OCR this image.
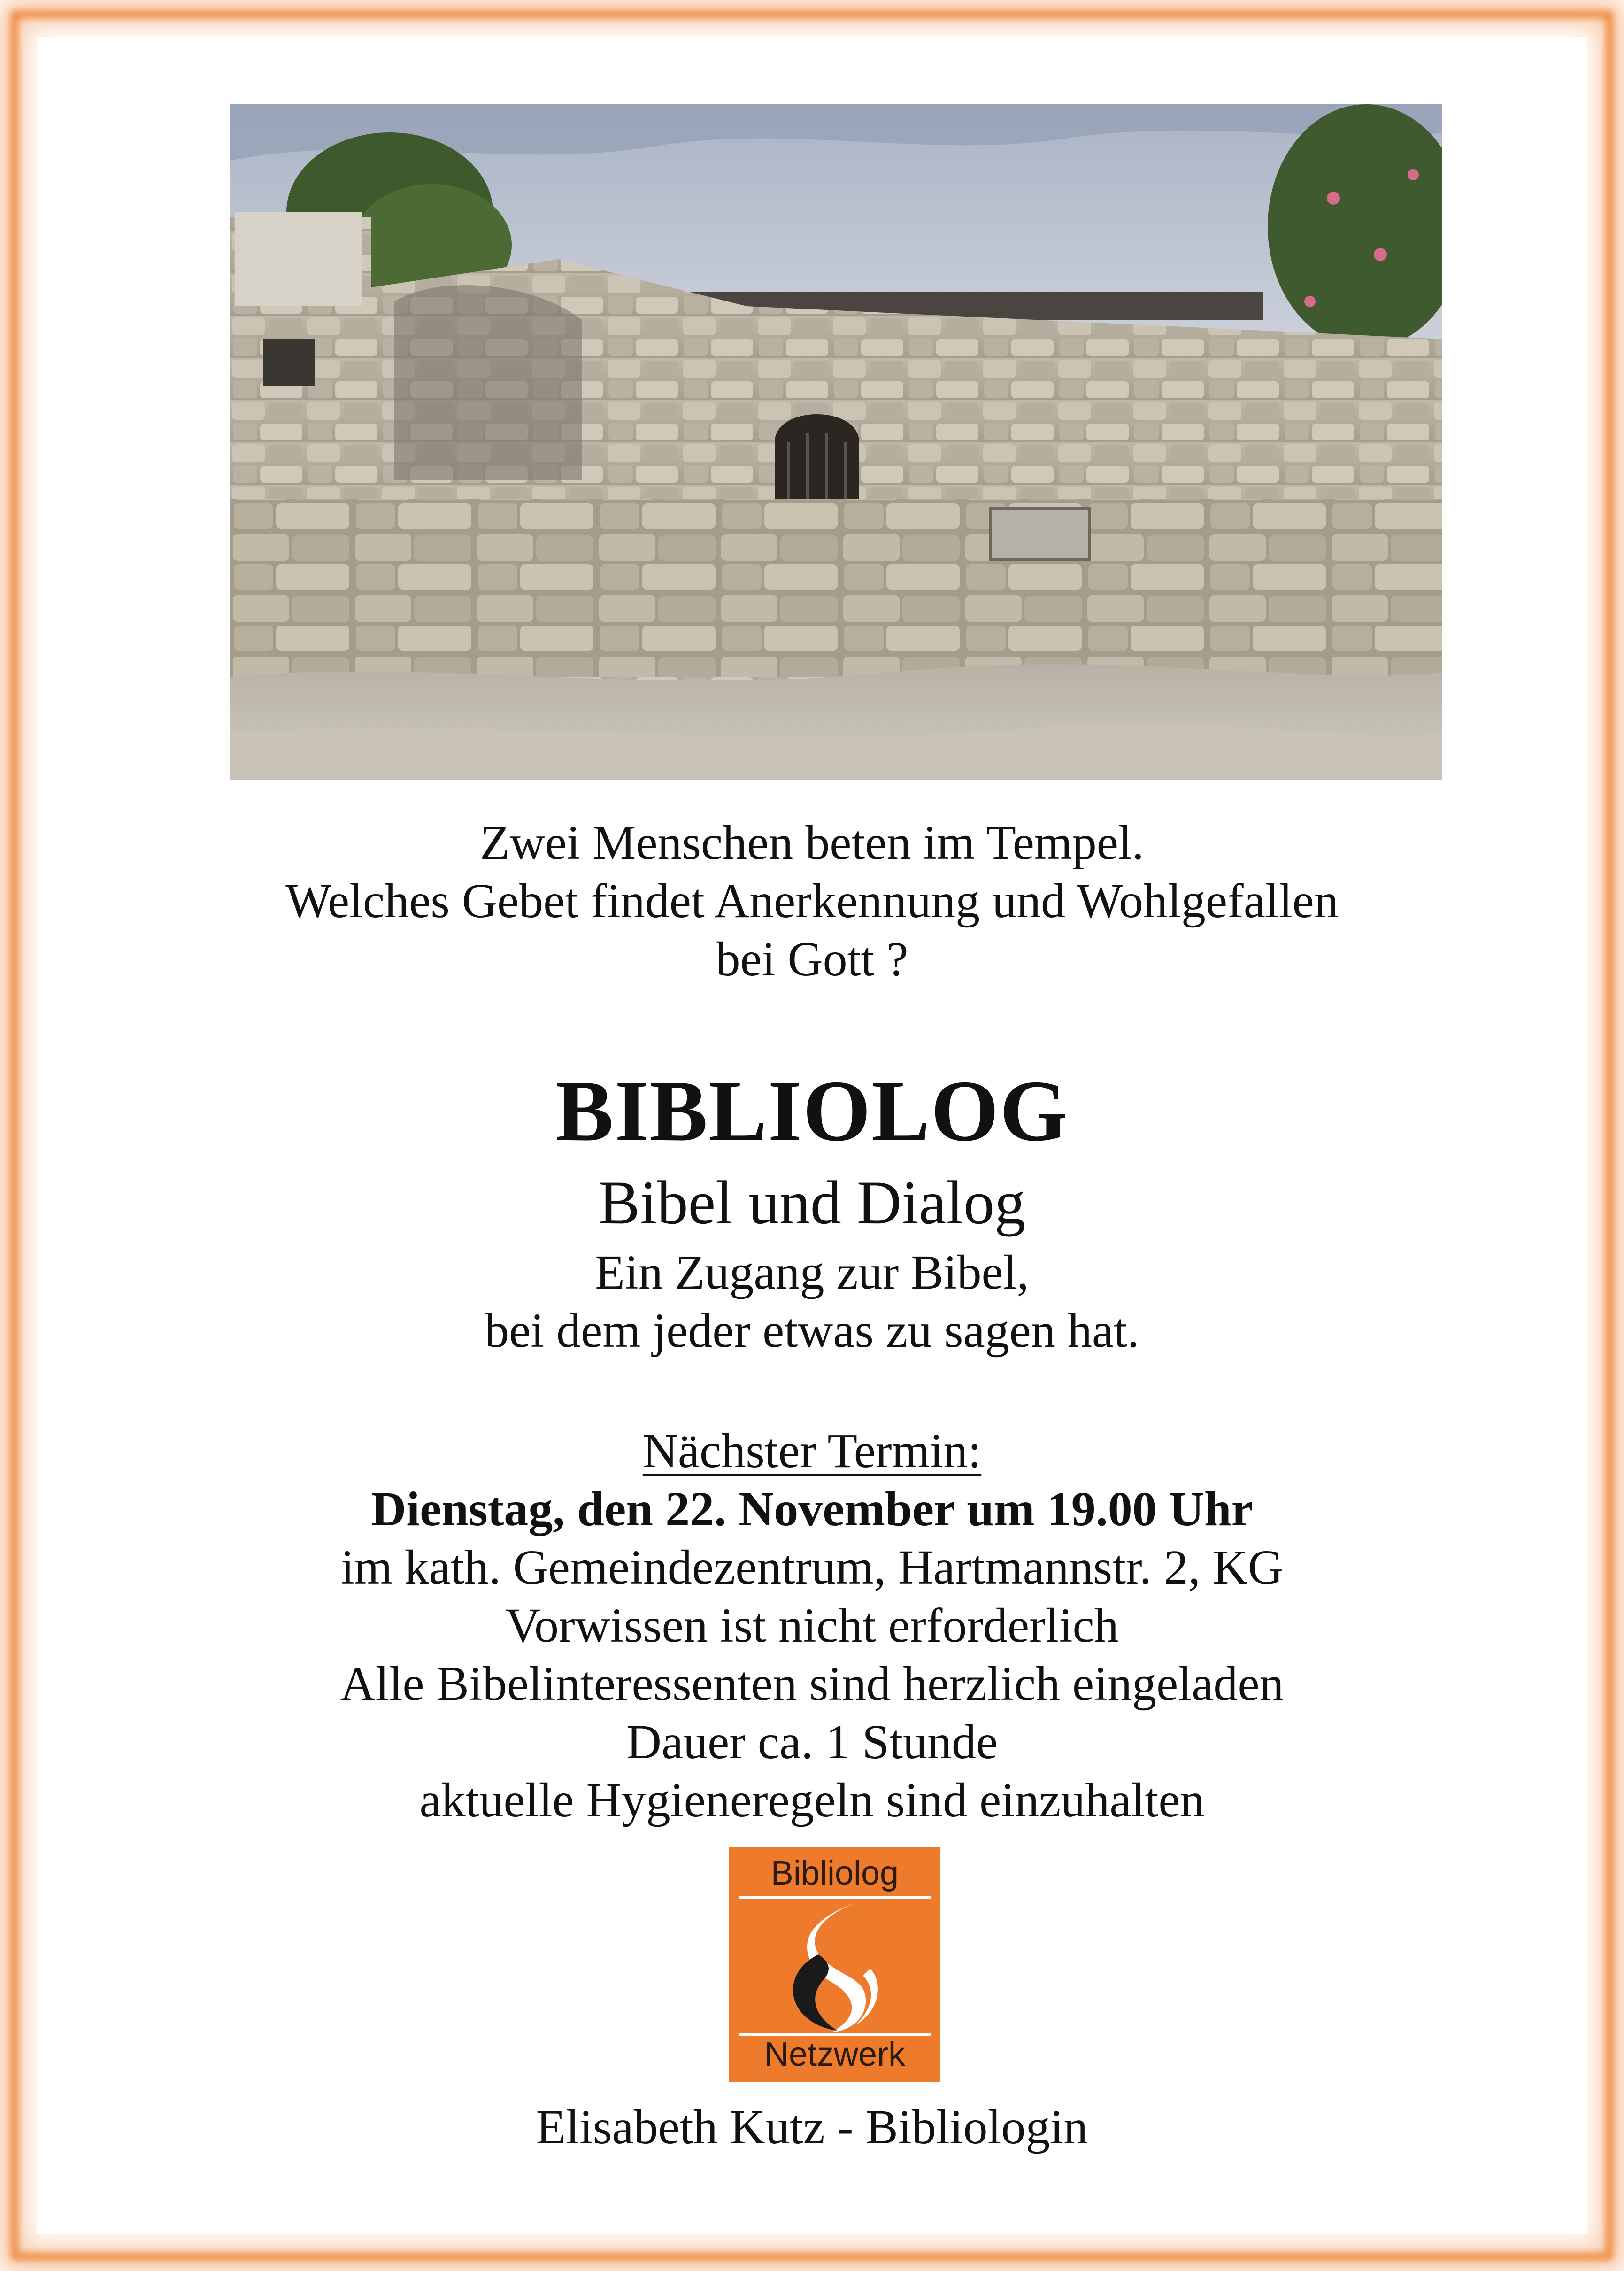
Zwei Menschen beten im Tempel.
Welches Gebet findet Anerkennung und Wohlgefallen
bei Gott ?
BIBLIOLOG
Bibel und Dialog
Ein Zugang zur Bibel,
bei dem jeder etwas zu sagen hat.
Nächster Termin:
Dienstag, den 22. November um 19.00 Uhr
im kath. Gemeindezentrum, Hartmannstr. 2, KG
Vorwissen ist nicht erforderlich
Alle Bibelinteressenten sind herzlich eingeladen
Dauer ca. 1 Stunde
aktuelle Hygieneregeln sind einzuhalten
Bibliolog
Netzwerk
Elisabeth Kutz - Bibliologin
